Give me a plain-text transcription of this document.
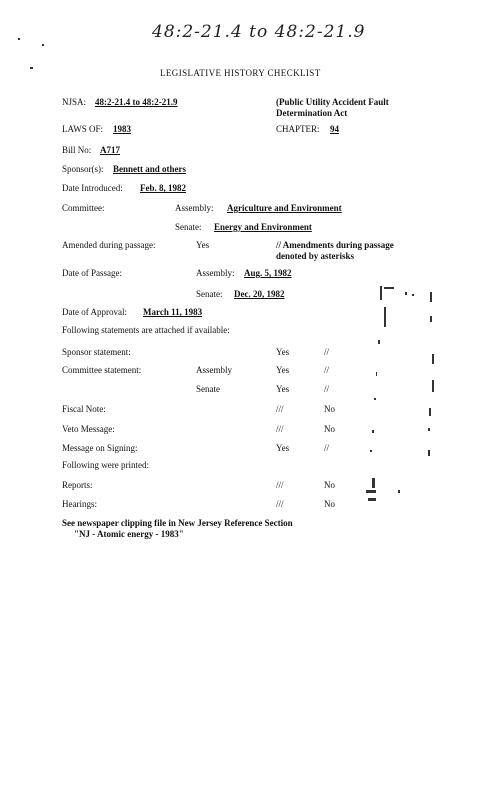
48:2-21.4 to 48:2-21.9
LEGISLATIVE HISTORY CHECKLIST
NJSA: 48:2-21.4 to 48:2-21.9	(Public Utility Accident Fault
Determination Act
LAWS OF: 1983	CHAPTER: 94
Bill No: A717
Sponsor(s): Bennett and others
Date Introduced: Feb. 8, 1982
Committee:	Assembly: Agriculture and Environment
Senate: Energy and Environment
Amended during passage:	Yes	// Amendments during passage
denoted by asterisks
Date of Passage:	Assembly: Aug. 5, 1982
Senate: Dec. 20, 1982
Date of Approval: March 11, 1983
Following statements are attached if available:
Sponsor statement:	Yes	//
Committee statement:	Assembly	Yes	//
Senate	Yes	//
Fiscal Note:	///	No
Veto Message:	///	No
Message on Signing:	Yes	//
Following were printed:
Reports:	///	No
Hearings:	///	No
See newspaper clipping file in New Jersey Reference Section
"NJ - Atomic energy - 1983"
